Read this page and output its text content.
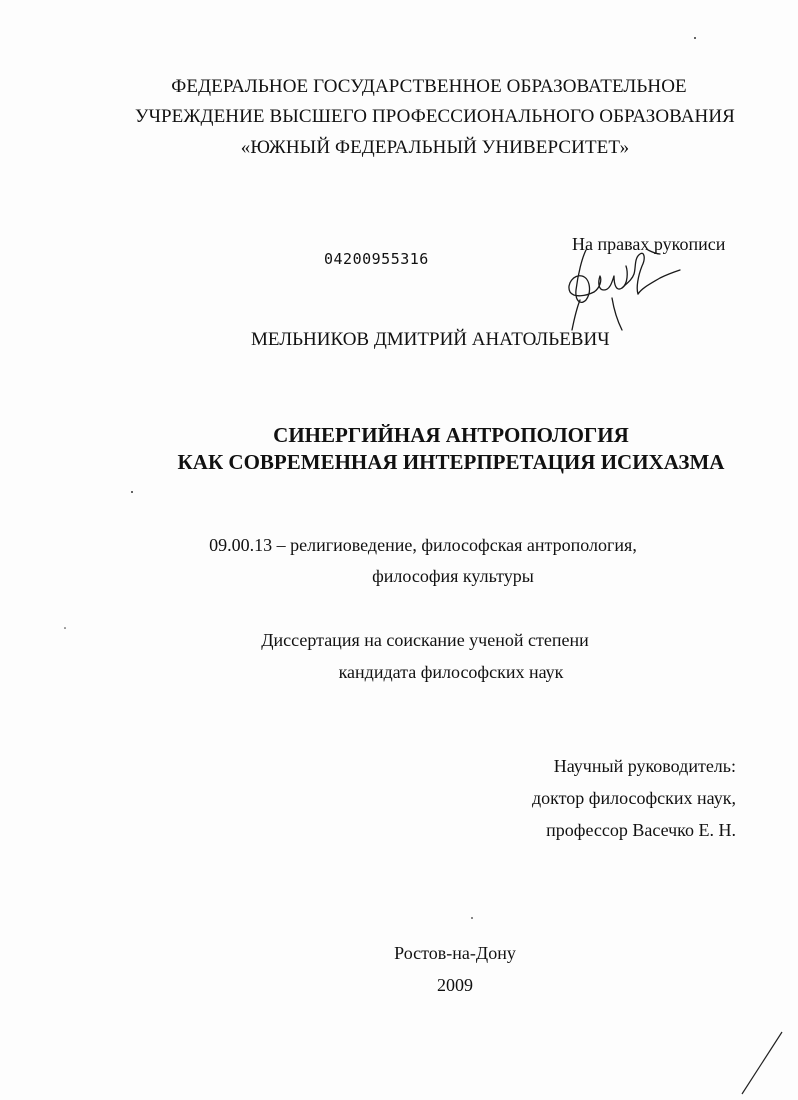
ФЕДЕРАЛЬНОЕ ГОСУДАРСТВЕННОЕ ОБРАЗОВАТЕЛЬНОЕ
УЧРЕЖДЕНИЕ ВЫСШЕГО ПРОФЕССИОНАЛЬНОГО ОБРАЗОВАНИЯ
«ЮЖНЫЙ ФЕДЕРАЛЬНЫЙ УНИВЕРСИТЕТ»
04200955316
На правах рукописи
МЕЛЬНИКОВ ДМИТРИЙ АНАТОЛЬЕВИЧ
СИНЕРГИЙНАЯ АНТРОПОЛОГИЯ
КАК СОВРЕМЕННАЯ ИНТЕРПРЕТАЦИЯ ИСИХАЗМА
09.00.13 – религиоведение, философская антропология,
философия культуры
Диссертация на соискание ученой степени
кандидата философских наук
Научный руководитель:
доктор философских наук,
профессор Васечко Е. Н.
Ростов-на-Дону
2009
